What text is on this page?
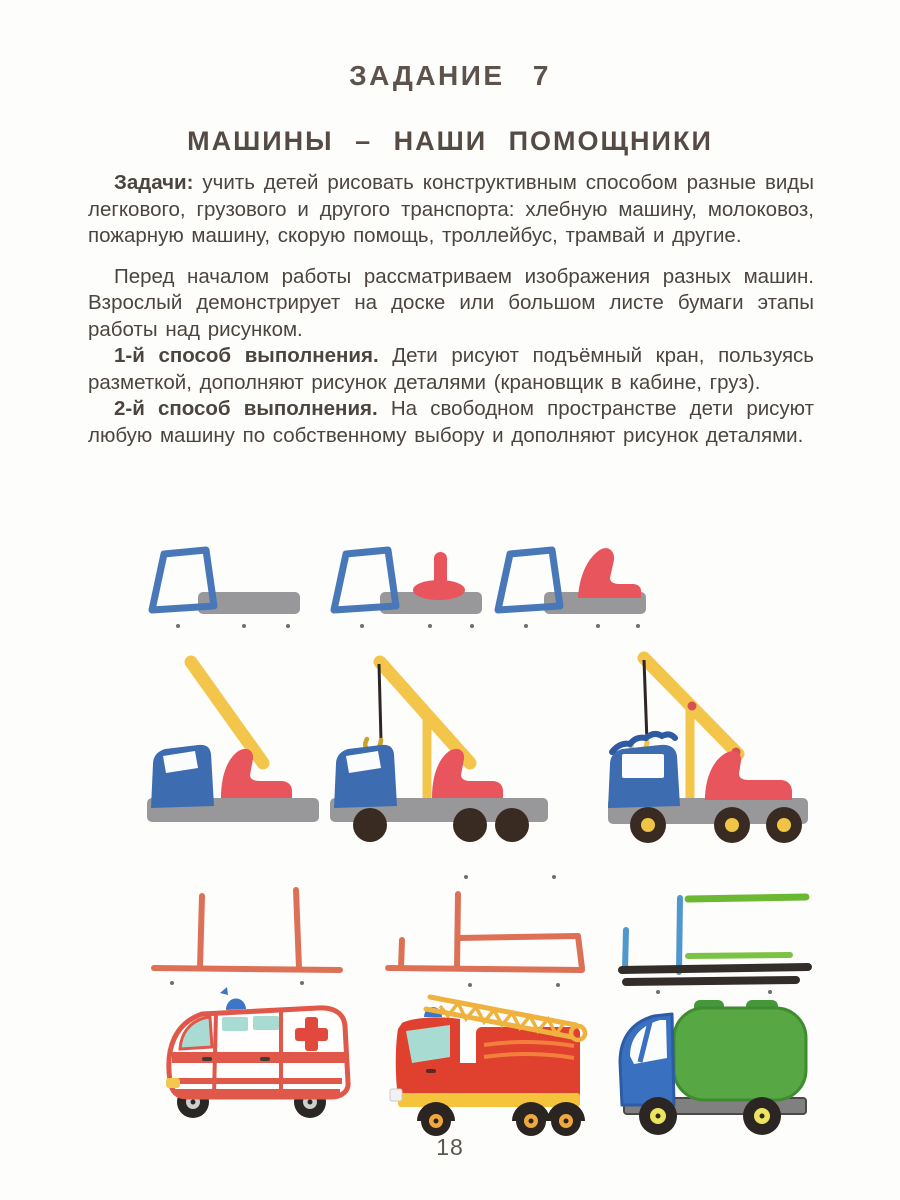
ЗАДАНИЕ 7
МАШИНЫ – НАШИ ПОМОЩНИКИ

Задачи: учить детей рисовать конструктивным способом разные виды легкового, грузового и другого транспорта: хлебную машину, молоковоз, пожарную машину, скорую помощь, троллейбус, трамвай и другие.

Перед началом работы рассматриваем изображения разных машин. Взрослый демонстрирует на доске или большом листе бумаги этапы работы над рисунком.

1-й способ выполнения. Дети рисуют подъёмный кран, пользуясь разметкой, дополняют рисунок деталями (крановщик в кабине, груз).

2-й способ выполнения. На свободном пространстве дети рисуют любую машину по собственному выбору и дополняют рисунок деталями.

18
